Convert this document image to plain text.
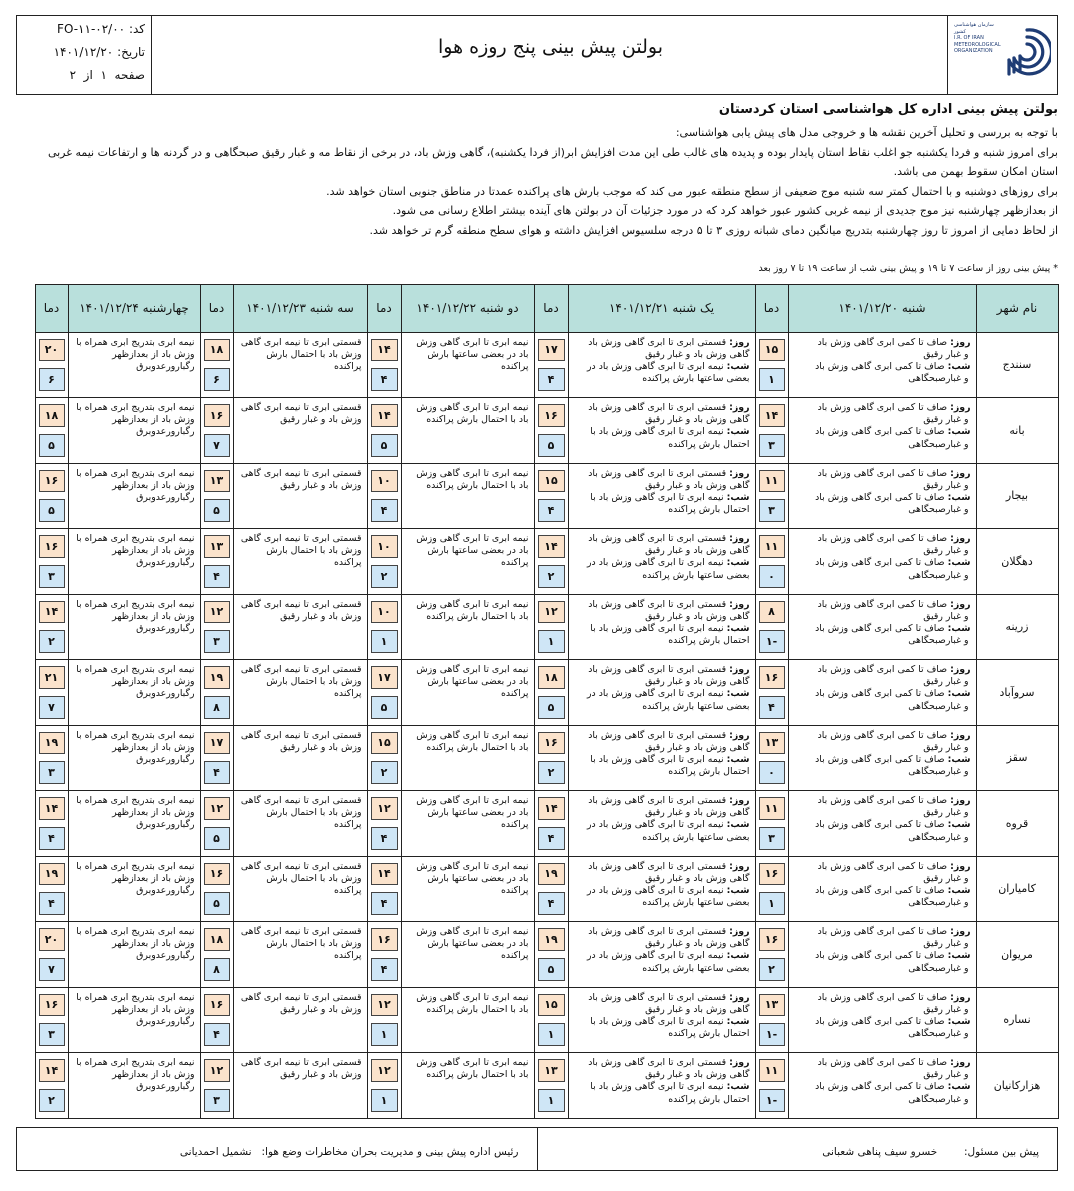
کد: FO-۱۱-۰۲/۰۰
تاریخ: ۱۴۰۱/۱۲/۲۰
صفحه  ۱  از  ۲
بولتن پیش بینی پنج روزه هوا
سازمان هواشناسی کشور
I.R. OF IRAN
METEOROLOGICAL
ORGANIZATION
بولتن پیش بینی اداره کل هواشناسی استان کردستان
با توجه به بررسی و تحلیل آخرین نقشه ها و خروجی مدل های پیش یابی هواشناسی:
برای امروز شنبه و فردا یکشنبه جو اغلب نقاط استان پایدار بوده و پدیده های غالب طی این مدت افزایش ابر(از فردا یکشنبه)، گاهی وزش باد، در برخی از نقاط مه و غبار رقیق صبحگاهی و در گردنه ها و ارتفاعات نیمه غربی
استان امکان سقوط بهمن می باشد.
برای روزهای دوشنبه و با احتمال کمتر سه شنبه موج ضعیفی از سطح منطقه عبور می کند که موجب بارش های پراکنده عمدتا در مناطق جنوبی استان خواهد شد.
از بعدازظهر چهارشنبه نیز موج جدیدی از نیمه غربی کشور عبور خواهد کرد که در مورد جزئیات آن در بولتن های آینده بیشتر اطلاع رسانی می شود.
از لحاظ دمایی از امروز تا روز چهارشنبه بتدریج میانگین دمای شبانه روزی ۳ تا ۵ درجه سلسیوس افزایش داشته و هوای سطح منطقه گرم تر خواهد شد.
* پیش بینی روز از ساعت ۷ تا ۱۹ و پیش بینی شب از ساعت ۱۹ تا ۷ روز بعد
نام شهر
شنبه ۱۴۰۱/۱۲/۲۰
دما
یک شنبه ۱۴۰۱/۱۲/۲۱
دما
دو شنبه ۱۴۰۱/۱۲/۲۲
دما
سه شنبه ۱۴۰۱/۱۲/۲۳
دما
چهارشنبه ۱۴۰۱/۱۲/۲۴
دما
سنندج
روز: صاف تا کمی ابری گاهی وزش باد
و غبار رقیق
شب: صاف تا کمی ابری گاهی وزش باد
و غبارصبحگاهی
۱۵
۱
روز: قسمتی ابری تا ابری گاهی وزش باد گاهی وزش باد و غبار رقیق
شب: نیمه ابری تا ابری گاهی وزش باد در بعضی ساعتها بارش پراکنده
۱۷
۴
نیمه ابری تا ابری گاهی وزش باد در بعضی ساعتها بارش پراکنده
۱۴
۴
قسمتی ابری تا نیمه ابری گاهی وزش باد با احتمال بارش پراکنده
۱۸
۶
نیمه ابری بتدریج ابری همراه با وزش باد از بعدازظهر رگبارورعدوبرق
۲۰
۶
بانه
روز: صاف تا کمی ابری گاهی وزش باد
و غبار رقیق
شب: صاف تا کمی ابری گاهی وزش باد
و غبارصبحگاهی
۱۴
۳
روز: قسمتی ابری تا ابری گاهی وزش باد گاهی وزش باد و غبار رقیق
شب: نیمه ابری تا ابری گاهی وزش باد با احتمال بارش پراکنده
۱۶
۵
نیمه ابری تا ابری گاهی وزش باد با احتمال بارش پراکنده
۱۴
۵
قسمتی ابری تا نیمه ابری گاهی وزش باد و غبار رقیق
۱۶
۷
نیمه ابری بتدریج ابری همراه با وزش باد از بعدازظهر رگبارورعدوبرق
۱۸
۵
بیجار
روز: صاف تا کمی ابری گاهی وزش باد
و غبار رقیق
شب: صاف تا کمی ابری گاهی وزش باد
و غبارصبحگاهی
۱۱
۳
روز: قسمتی ابری تا ابری گاهی وزش باد گاهی وزش باد و غبار رقیق
شب: نیمه ابری تا ابری گاهی وزش باد با احتمال بارش پراکنده
۱۵
۴
نیمه ابری تا ابری گاهی وزش باد با احتمال بارش پراکنده
۱۰
۴
قسمتی ابری تا نیمه ابری گاهی وزش باد و غبار رقیق
۱۳
۵
نیمه ابری بتدریج ابری همراه با وزش باد از بعدازظهر رگبارورعدوبرق
۱۶
۵
دهگلان
روز: صاف تا کمی ابری گاهی وزش باد
و غبار رقیق
شب: صاف تا کمی ابری گاهی وزش باد
و غبارصبحگاهی
۱۱
۰
روز: قسمتی ابری تا ابری گاهی وزش باد گاهی وزش باد و غبار رقیق
شب: نیمه ابری تا ابری گاهی وزش باد در بعضی ساعتها بارش پراکنده
۱۴
۲
نیمه ابری تا ابری گاهی وزش باد در بعضی ساعتها بارش پراکنده
۱۰
۲
قسمتی ابری تا نیمه ابری گاهی وزش باد با احتمال بارش پراکنده
۱۳
۴
نیمه ابری بتدریج ابری همراه با وزش باد از بعدازظهر رگبارورعدوبرق
۱۶
۳
زرینه
روز: صاف تا کمی ابری گاهی وزش باد
و غبار رقیق
شب: صاف تا کمی ابری گاهی وزش باد
و غبارصبحگاهی
۸
-۱
روز: قسمتی ابری تا ابری گاهی وزش باد گاهی وزش باد و غبار رقیق
شب: نیمه ابری تا ابری گاهی وزش باد با احتمال بارش پراکنده
۱۲
۱
نیمه ابری تا ابری گاهی وزش باد با احتمال بارش پراکنده
۱۰
۱
قسمتی ابری تا نیمه ابری گاهی وزش باد و غبار رقیق
۱۲
۳
نیمه ابری بتدریج ابری همراه با وزش باد از بعدازظهر رگبارورعدوبرق
۱۴
۲
سروآباد
روز: صاف تا کمی ابری گاهی وزش باد
و غبار رقیق
شب: صاف تا کمی ابری گاهی وزش باد
و غبارصبحگاهی
۱۶
۴
روز: قسمتی ابری تا ابری گاهی وزش باد گاهی وزش باد و غبار رقیق
شب: نیمه ابری تا ابری گاهی وزش باد در بعضی ساعتها بارش پراکنده
۱۸
۵
نیمه ابری تا ابری گاهی وزش باد در بعضی ساعتها بارش پراکنده
۱۷
۵
قسمتی ابری تا نیمه ابری گاهی وزش باد با احتمال بارش پراکنده
۱۹
۸
نیمه ابری بتدریج ابری همراه با وزش باد از بعدازظهر رگبارورعدوبرق
۲۱
۷
سقز
روز: صاف تا کمی ابری گاهی وزش باد
و غبار رقیق
شب: صاف تا کمی ابری گاهی وزش باد
و غبارصبحگاهی
۱۳
۰
روز: قسمتی ابری تا ابری گاهی وزش باد گاهی وزش باد و غبار رقیق
شب: نیمه ابری تا ابری گاهی وزش باد با احتمال بارش پراکنده
۱۶
۲
نیمه ابری تا ابری گاهی وزش باد با احتمال بارش پراکنده
۱۵
۲
قسمتی ابری تا نیمه ابری گاهی وزش باد و غبار رقیق
۱۷
۴
نیمه ابری بتدریج ابری همراه با وزش باد از بعدازظهر رگبارورعدوبرق
۱۹
۳
قروه
روز: صاف تا کمی ابری گاهی وزش باد
و غبار رقیق
شب: صاف تا کمی ابری گاهی وزش باد
و غبارصبحگاهی
۱۱
۳
روز: قسمتی ابری تا ابری گاهی وزش باد گاهی وزش باد و غبار رقیق
شب: نیمه ابری تا ابری گاهی وزش باد در بعضی ساعتها بارش پراکنده
۱۴
۴
نیمه ابری تا ابری گاهی وزش باد در بعضی ساعتها بارش پراکنده
۱۲
۴
قسمتی ابری تا نیمه ابری گاهی وزش باد با احتمال بارش پراکنده
۱۲
۵
نیمه ابری بتدریج ابری همراه با وزش باد از بعدازظهر رگبارورعدوبرق
۱۴
۴
کامیاران
روز: صاف تا کمی ابری گاهی وزش باد
و غبار رقیق
شب: صاف تا کمی ابری گاهی وزش باد
و غبارصبحگاهی
۱۶
۱
روز: قسمتی ابری تا ابری گاهی وزش باد گاهی وزش باد و غبار رقیق
شب: نیمه ابری تا ابری گاهی وزش باد در بعضی ساعتها بارش پراکنده
۱۹
۴
نیمه ابری تا ابری گاهی وزش باد در بعضی ساعتها بارش پراکنده
۱۴
۴
قسمتی ابری تا نیمه ابری گاهی وزش باد با احتمال بارش پراکنده
۱۶
۵
نیمه ابری بتدریج ابری همراه با وزش باد از بعدازظهر رگبارورعدوبرق
۱۹
۴
مریوان
روز: صاف تا کمی ابری گاهی وزش باد
و غبار رقیق
شب: صاف تا کمی ابری گاهی وزش باد
و غبارصبحگاهی
۱۶
۲
روز: قسمتی ابری تا ابری گاهی وزش باد گاهی وزش باد و غبار رقیق
شب: نیمه ابری تا ابری گاهی وزش باد در بعضی ساعتها بارش پراکنده
۱۹
۵
نیمه ابری تا ابری گاهی وزش باد در بعضی ساعتها بارش پراکنده
۱۶
۴
قسمتی ابری تا نیمه ابری گاهی وزش باد با احتمال بارش پراکنده
۱۸
۸
نیمه ابری بتدریج ابری همراه با وزش باد از بعدازظهر رگبارورعدوبرق
۲۰
۷
نساره
روز: صاف تا کمی ابری گاهی وزش باد
و غبار رقیق
شب: صاف تا کمی ابری گاهی وزش باد
و غبارصبحگاهی
۱۳
-۱
روز: قسمتی ابری تا ابری گاهی وزش باد گاهی وزش باد و غبار رقیق
شب: نیمه ابری تا ابری گاهی وزش باد با احتمال بارش پراکنده
۱۵
۱
نیمه ابری تا ابری گاهی وزش باد با احتمال بارش پراکنده
۱۲
۱
قسمتی ابری تا نیمه ابری گاهی وزش باد و غبار رقیق
۱۶
۴
نیمه ابری بتدریج ابری همراه با وزش باد از بعدازظهر رگبارورعدوبرق
۱۶
۳
هزارکانیان
روز: صاف تا کمی ابری گاهی وزش باد
و غبار رقیق
شب: صاف تا کمی ابری گاهی وزش باد
و غبارصبحگاهی
۱۱
-۱
روز: قسمتی ابری تا ابری گاهی وزش باد گاهی وزش باد و غبار رقیق
شب: نیمه ابری تا ابری گاهی وزش باد با احتمال بارش پراکنده
۱۳
۱
نیمه ابری تا ابری گاهی وزش باد با احتمال بارش پراکنده
۱۲
۱
قسمتی ابری تا نیمه ابری گاهی وزش باد و غبار رقیق
۱۲
۳
نیمه ابری بتدریج ابری همراه با وزش باد از بعدازظهر رگبارورعدوبرق
۱۴
۲
پیش بین مسئول:        خسرو سیف پناهی شعبانی
رئیس اداره پیش بینی و مدیریت بحران مخاطرات وضع هوا:   نشمیل احمدیانی
